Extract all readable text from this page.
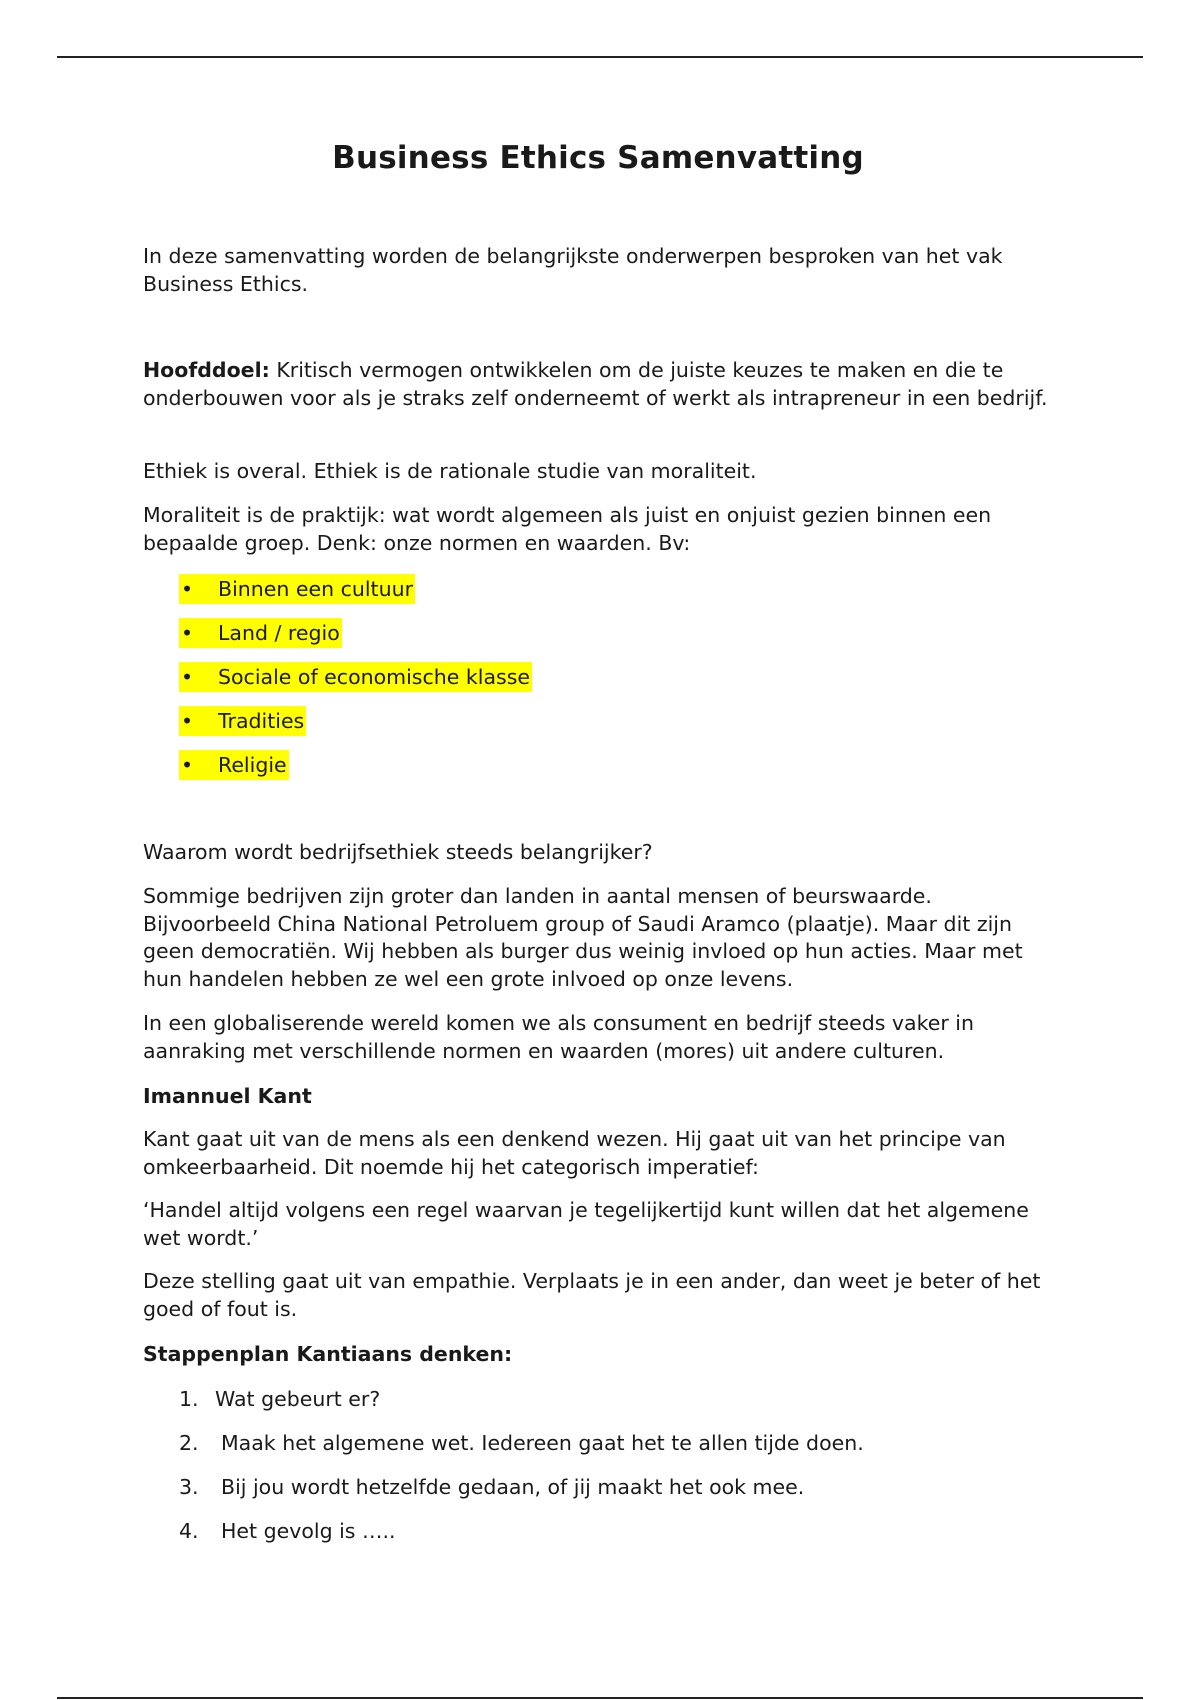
Business Ethics Samenvatting

In deze samenvatting worden de belangrijkste onderwerpen besproken van het vak Business Ethics.

Hoofddoel: Kritisch vermogen ontwikkelen om de juiste keuzes te maken en die te onderbouwen voor als je straks zelf onderneemt of werkt als intrapreneur in een bedrijf.

Ethiek is overal. Ethiek is de rationale studie van moraliteit.

Moraliteit is de praktijk: wat wordt algemeen als juist en onjuist gezien binnen een bepaalde groep. Denk: onze normen en waarden. Bv:

• Binnen een cultuur
• Land / regio
• Sociale of economische klasse
• Tradities
• Religie

Waarom wordt bedrijfsethiek steeds belangrijker?

Sommige bedrijven zijn groter dan landen in aantal mensen of beurswaarde. Bijvoorbeeld China National Petroluem group of Saudi Aramco (plaatje). Maar dit zijn geen democratiën. Wij hebben als burger dus weinig invloed op hun acties. Maar met hun handelen hebben ze wel een grote inlvoed op onze levens.

In een globaliserende wereld komen we als consument en bedrijf steeds vaker in aanraking met verschillende normen en waarden (mores) uit andere culturen.

Imannuel Kant

Kant gaat uit van de mens als een denkend wezen. Hij gaat uit van het principe van omkeerbaarheid. Dit noemde hij het categorisch imperatief:

‘Handel altijd volgens een regel waarvan je tegelijkertijd kunt willen dat het algemene wet wordt.’

Deze stelling gaat uit van empathie. Verplaats je in een ander, dan weet je beter of het goed of fout is.

Stappenplan Kantiaans denken:
1. Wat gebeurt er?
2. Maak het algemene wet. Iedereen gaat het te allen tijde doen.
3. Bij jou wordt hetzelfde gedaan, of jij maakt het ook mee.
4. Het gevolg is …..
